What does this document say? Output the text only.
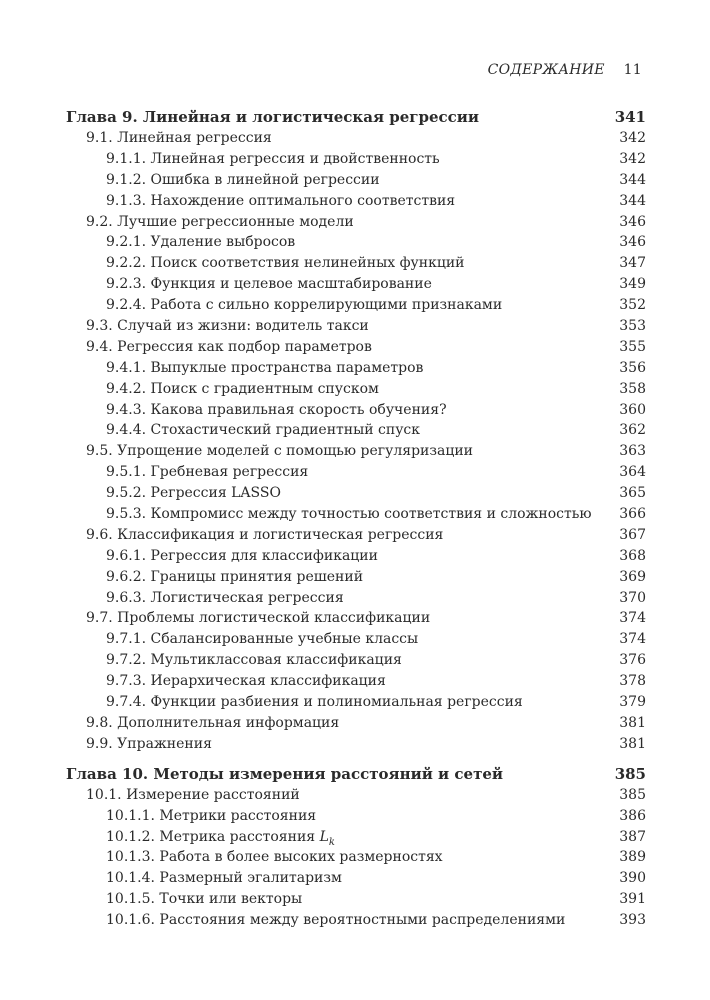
СОДЕРЖАНИЕ 11
Глава 9. Линейная и логистическая регрессии	341
9.1. Линейная регрессия	342
9.1.1. Линейная регрессия и двойственность	342
9.1.2. Ошибка в линейной регрессии	344
9.1.3. Нахождение оптимального соответствия	344
9.2. Лучшие регрессионные модели	346
9.2.1. Удаление выбросов	346
9.2.2. Поиск соответствия нелинейных функций	347
9.2.3. Функция и целевое масштабирование	349
9.2.4. Работа с сильно коррелирующими признаками	352
9.3. Случай из жизни: водитель такси	353
9.4. Регрессия как подбор параметров	355
9.4.1. Выпуклые пространства параметров	356
9.4.2. Поиск с градиентным спуском	358
9.4.3. Какова правильная скорость обучения?	360
9.4.4. Стохастический градиентный спуск	362
9.5. Упрощение моделей с помощью регуляризации	363
9.5.1. Гребневая регрессия	364
9.5.2. Регрессия LASSO	365
9.5.3. Компромисс между точностью соответствия и сложностью 366
9.6. Классификация и логистическая регрессия	367
9.6.1. Регрессия для классификации	368
9.6.2. Границы принятия решений	369
9.6.3. Логистическая регрессия	370
9.7. Проблемы логистической классификации	374
9.7.1. Сбалансированные учебные классы	374
9.7.2. Мультиклассовая классификация	376
9.7.3. Иерархическая классификация	378
9.7.4. Функции разбиения и полиномиальная регрессия	379
9.8. Дополнительная информация	381
9.9. Упражнения	381
Глава 10. Методы измерения расстояний и сетей	385
10.1. Измерение расстояний	385
10.1.1. Метрики расстояния	386
10.1.2. Метрика расстояния $L_k$	387
10.1.3. Работа в более высоких размерностях	389
10.1.4. Размерный эгалитаризм	390
10.1.5. Точки или векторы	391
10.1.6. Расстояния между вероятностными распределениями	393
